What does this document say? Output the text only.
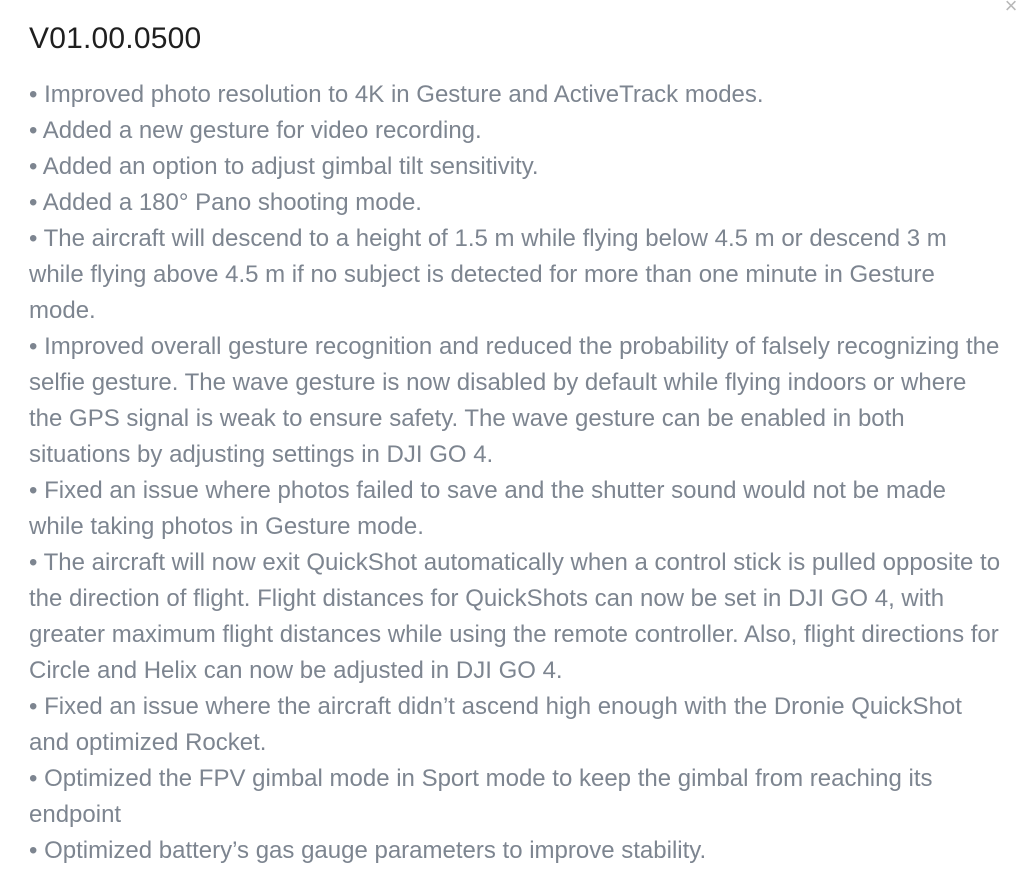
×
V01.00.0500
• Improved photo resolution to 4K in Gesture and ActiveTrack modes.
• Added a new gesture for video recording.
• Added an option to adjust gimbal tilt sensitivity.
• Added a 180° Pano shooting mode.
• The aircraft will descend to a height of 1.5 m while flying below 4.5 m or descend 3 m while flying above 4.5 m if no subject is detected for more than one minute in Gesture mode.
• Improved overall gesture recognition and reduced the probability of falsely recognizing the selfie gesture. The wave gesture is now disabled by default while flying indoors or where the GPS signal is weak to ensure safety. The wave gesture can be enabled in both situations by adjusting settings in DJI GO 4.
• Fixed an issue where photos failed to save and the shutter sound would not be made while taking photos in Gesture mode.
• The aircraft will now exit QuickShot automatically when a control stick is pulled opposite to the direction of flight. Flight distances for QuickShots can now be set in DJI GO 4, with greater maximum flight distances while using the remote controller. Also, flight directions for Circle and Helix can now be adjusted in DJI GO 4.
• Fixed an issue where the aircraft didn’t ascend high enough with the Dronie QuickShot and optimized Rocket.
• Optimized the FPV gimbal mode in Sport mode to keep the gimbal from reaching its endpoint
• Optimized battery’s gas gauge parameters to improve stability.
